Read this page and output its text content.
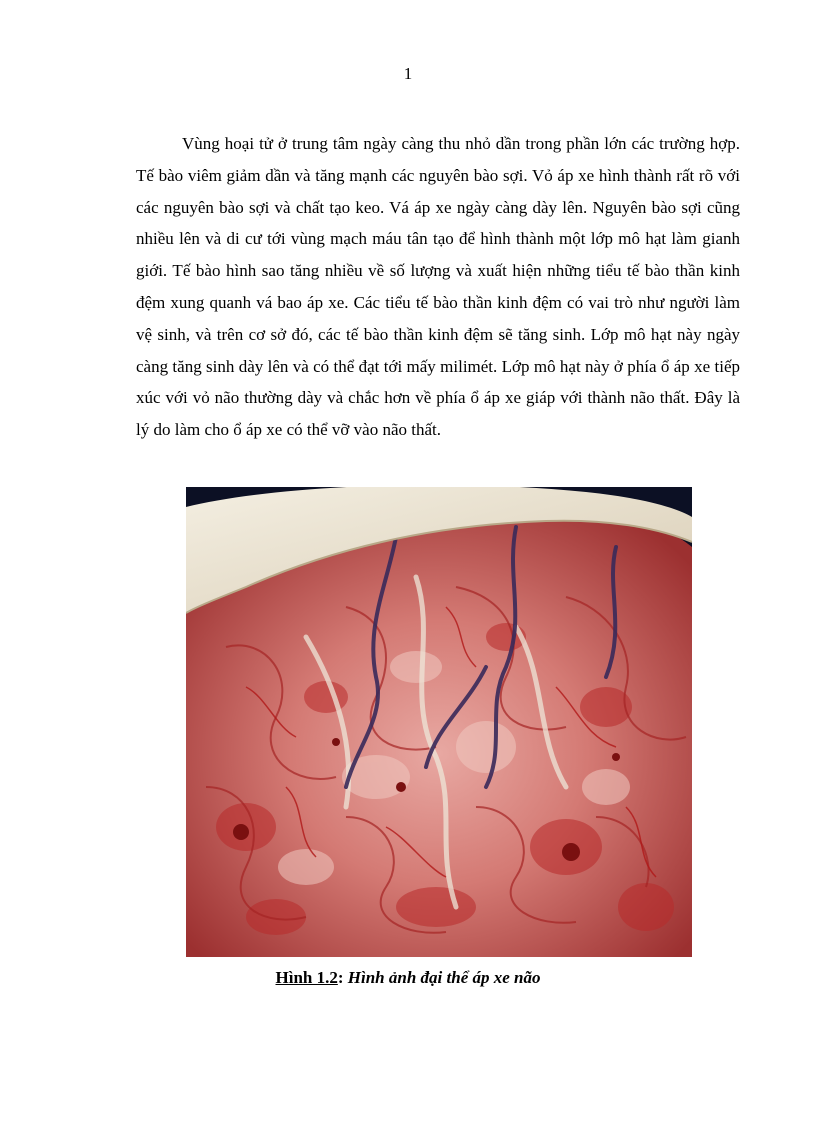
1

Vùng hoại tử ở trung tâm ngày càng thu nhỏ dần trong phần lớn các trường hợp. Tế bào viêm giảm dần và tăng mạnh các nguyên bào sợi. Vỏ áp xe hình thành rất rõ với các nguyên bào sợi và chất tạo keo. Vá áp xe ngày càng dày lên. Nguyên bào sợi cũng nhiều lên và di cư tới vùng mạch máu tân tạo để hình thành một lớp mô hạt làm gianh giới. Tế bào hình sao tăng nhiều về số lượng và xuất hiện những tiểu tế bào thần kinh đệm xung quanh vá bao áp xe. Các tiểu tế bào thần kinh đệm có vai trò như người làm vệ sinh, và trên cơ sở đó, các tế bào thần kinh đệm sẽ tăng sinh. Lớp mô hạt này ngày càng tăng sinh dày lên và có thể đạt tới mấy milimét. Lớp mô hạt này ở phía ổ áp xe tiếp xúc với vỏ não thường dày và chắc hơn về phía ổ áp xe giáp với thành não thất. Đây là lý do làm cho ổ áp xe có thể vỡ vào não thất.

Hình 1.2: Hình ảnh đại thể áp xe não
